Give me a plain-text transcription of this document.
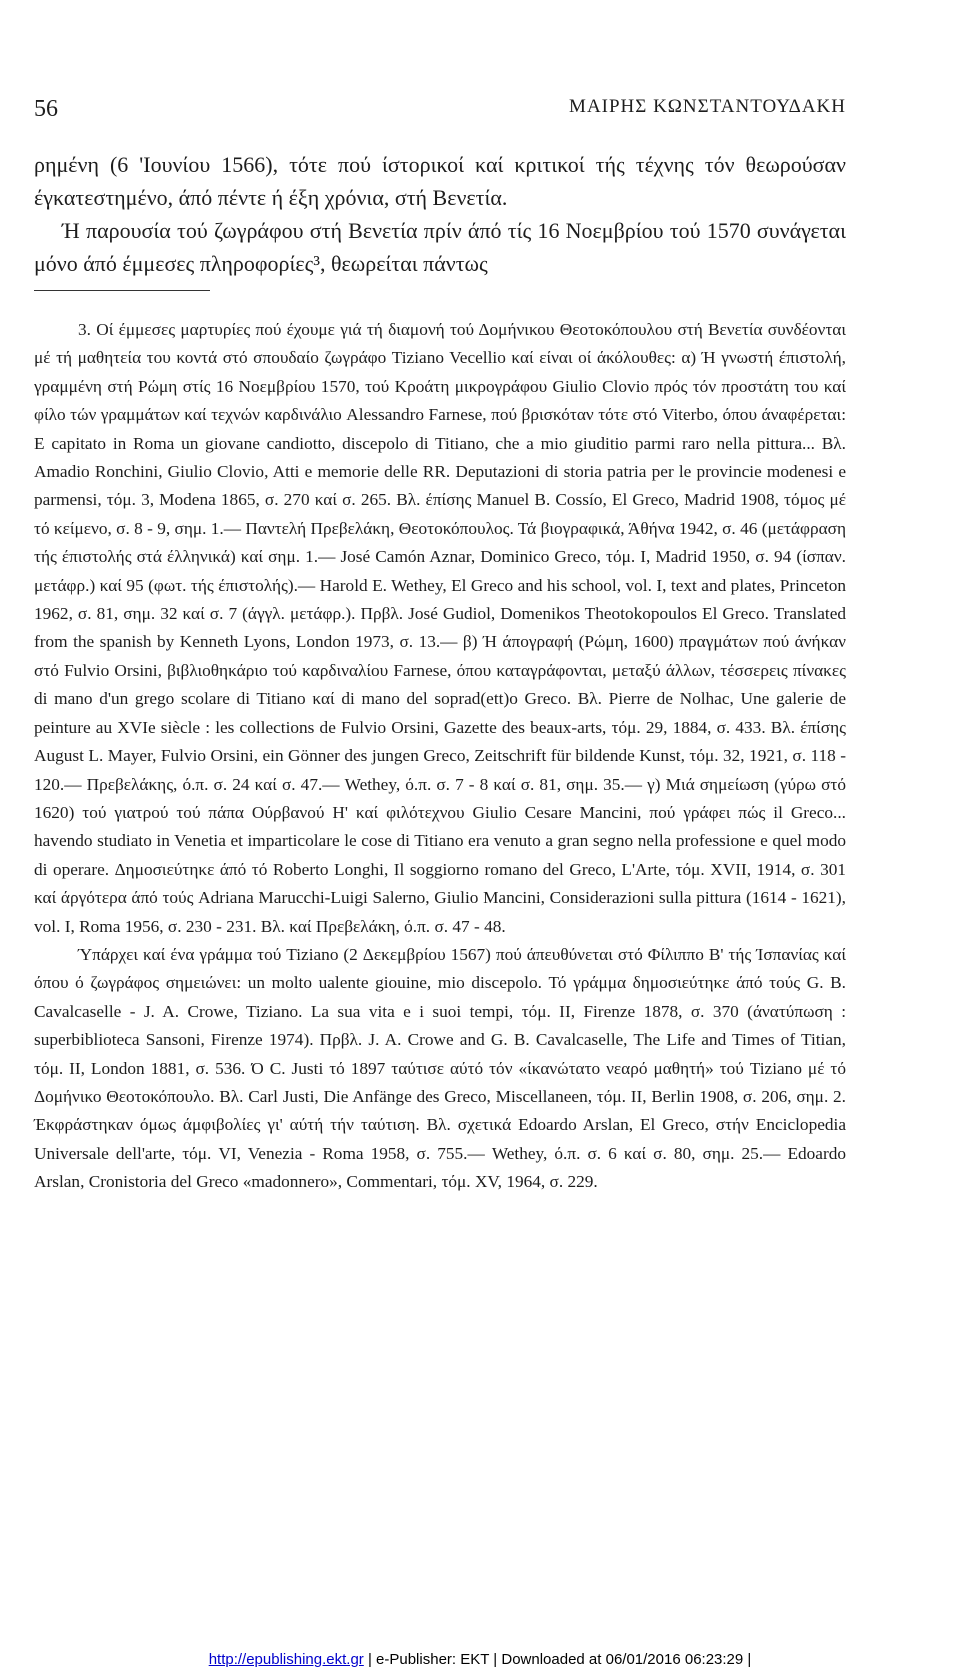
56	ΜΑΙΡΗΣ ΚΩΝΣΤΑΝΤΟΥΔΑΚΗ

ρημένη (6 'Ιουνίου 1566), τότε πού ίστορικοί καί κριτικοί τής τέχνης τόν θεωρούσαν έγκατεστημένο, άπό πέντε ή έξη χρόνια, στή Βενετία.

Ή παρουσία τού ζωγράφου στή Βενετία πρίν άπό τίς 16 Νοεμβρίου τού 1570 συνάγεται μόνο άπό έμμεσες πληροφορίες³, θεωρείται πάντως

3. Οί έμμεσες μαρτυρίες πού έχουμε γιά τή διαμονή τού Δομήνικου Θεοτοκόπουλου στή Βενετία συνδέονται μέ τή μαθητεία του κοντά στό σπουδαίο ζωγράφο Tiziano Vecellio καί είναι οί άκόλουθες: α) Ή γνωστή έπιστολή, γραμμένη στή Ρώμη στίς 16 Νοεμβρίου 1570, τού Κροάτη μικρογράφου Giulio Clovio πρός τόν προστάτη του καί φίλο τών γραμμάτων καί τεχνών καρδινάλιο Alessandro Farnese, πού βρισκόταν τότε στό Viterbo, όπου άναφέρεται: E capitato in Roma un giovane candiotto, discepolo di Titiano, che a mio giuditio parmi raro nella pittura... Βλ. Amadio Ronchini, Giulio Clovio, Atti e memorie delle RR. Deputazioni di storia patria per le provincie modenesi e parmensi, τόμ. 3, Modena 1865, σ. 270 καί σ. 265. Βλ. έπίσης Manuel B. Cossío, El Greco, Madrid 1908, τόμος μέ τό κείμενο, σ. 8 - 9, σημ. 1.— Παντελή Πρεβελάκη, Θεοτοκόπουλος. Τά βιογραφικά, Άθήνα 1942, σ. 46 (μετάφραση τής έπιστολής στά έλληνικά) καί σημ. 1.— José Camón Aznar, Dominico Greco, τόμ. I, Madrid 1950, σ. 94 (ίσπαν. μετάφρ.) καί 95 (φωτ. τής έπιστολής).— Harold E. Wethey, El Greco and his school, vol. I, text and plates, Princeton 1962, σ. 81, σημ. 32 καί σ. 7 (άγγλ. μετάφρ.). Πρβλ. José Gudiol, Domenikos Theotokopoulos El Greco. Translated from the spanish by Kenneth Lyons, London 1973, σ. 13.— β) Ή άπογραφή (Ρώμη, 1600) πραγμάτων πού άνήκαν στό Fulvio Orsini, βιβλιοθηκάριο τού καρδιναλίου Farnese, όπου καταγράφονται, μεταξύ άλλων, τέσσερεις πίνακες di mano d'un grego scolare di Titiano καί di mano del soprad(ett)o Greco. Βλ. Pierre de Nolhac, Une galerie de peinture au XVIe siècle : les collections de Fulvio Orsini, Gazette des beaux-arts, τόμ. 29, 1884, σ. 433. Βλ. έπίσης August L. Mayer, Fulvio Orsini, ein Gönner des jungen Greco, Zeitschrift für bildende Kunst, τόμ. 32, 1921, σ. 118 - 120.— Πρεβελάκης, ό.π. σ. 24 καί σ. 47.— Wethey, ό.π. σ. 7 - 8 καί σ. 81, σημ. 35.— γ) Μιά σημείωση (γύρω στό 1620) τού γιατρού τού πάπα Ούρβανού Η' καί φιλότεχνου Giulio Cesare Mancini, πού γράφει πώς il Greco... havendo studiato in Venetia et imparticolare le cose di Titiano era venuto a gran segno nella professione e quel modo di operare. Δημοσιεύτηκε άπό τό Roberto Longhi, Il soggiorno romano del Greco, L'Arte, τόμ. XVII, 1914, σ. 301 καί άργότερα άπό τούς Adriana Marucchi-Luigi Salerno, Giulio Mancini, Considerazioni sulla pittura (1614 - 1621), vol. I, Roma 1956, σ. 230 - 231. Βλ. καί Πρεβελάκη, ό.π. σ. 47 - 48.

Ύπάρχει καί ένα γράμμα τού Tiziano (2 Δεκεμβρίου 1567) πού άπευθύνεται στό Φίλιππο Β' τής Ίσπανίας καί όπου ό ζωγράφος σημειώνει: un molto ualente giouine, mio discepolo. Τό γράμμα δημοσιεύτηκε άπό τούς G. B. Cavalcaselle - J. A. Crowe, Tiziano. La sua vita e i suoi tempi, τόμ. II, Firenze 1878, σ. 370 (άνατύπωση : superbiblioteca Sansoni, Firenze 1974). Πρβλ. J. A. Crowe and G. B. Cavalcaselle, The Life and Times of Titian, τόμ. II, London 1881, σ. 536. Ό C. Justi τό 1897 ταύτισε αύτό τόν «ίκανώτατο νεαρό μαθητή» τού Tiziano μέ τό Δομήνικο Θεοτοκόπουλο. Βλ. Carl Justi, Die Anfänge des Greco, Miscellaneen, τόμ. II, Berlin 1908, σ. 206, σημ. 2. Έκφράστηκαν όμως άμφιβολίες γι' αύτή τήν ταύτιση. Βλ. σχετικά Edoardo Arslan, El Greco, στήν Enciclopedia Universale dell'arte, τόμ. VI, Venezia - Roma 1958, σ. 755.— Wethey, ό.π. σ. 6 καί σ. 80, σημ. 25.— Edoardo Arslan, Cronistoria del Greco «madonnero», Commentari, τόμ. XV, 1964, σ. 229.

http://epublishing.ekt.gr | e-Publisher: EKT | Downloaded at 06/01/2016 06:23:29 |
